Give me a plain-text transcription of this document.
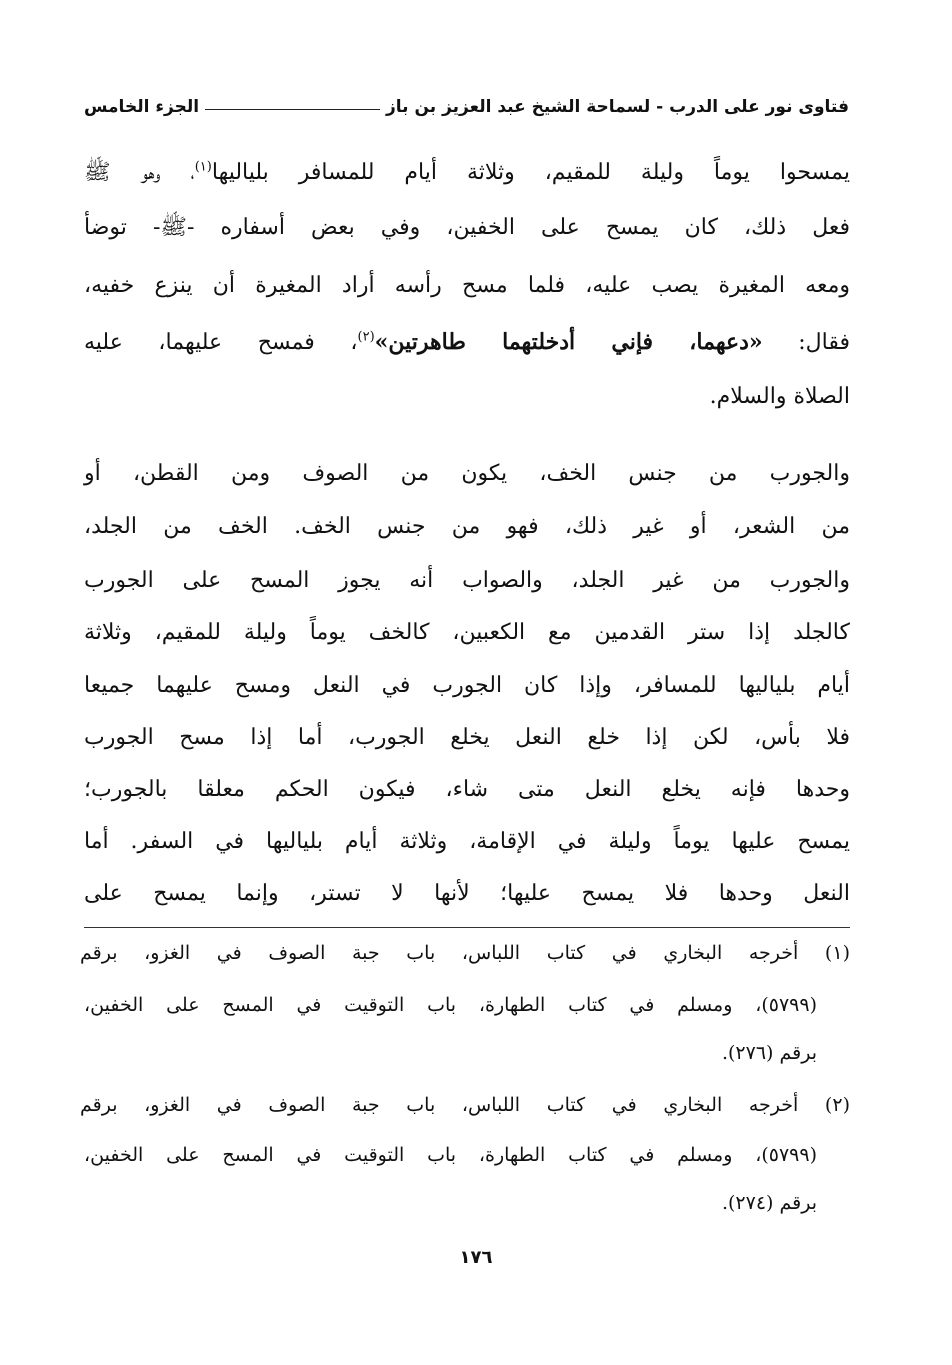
فتاوى نور على الدرب - لسماحة الشيخ عبد العزيز بن باز
الجزء الخامس
يمسحوا يوماً وليلة للمقيم، وثلاثة أيام للمسافر بلياليها$^{(١)}$، وهو ﷺ
فعل ذلك، كان يمسح على الخفين، وفي بعض أسفاره -ﷺ- توضأ
ومعه المغيرة يصب عليه، فلما مسح رأسه أراد المغيرة أن ينزع خفيه،
فقال: «دعهما، فإني أدخلتهما طاهرتين»$^{(٢)}$، فمسح عليهما، عليه
الصلاة والسلام.
والجورب من جنس الخف، يكون من الصوف ومن القطن، أو
من الشعر، أو غير ذلك، فهو من جنس الخف. الخف من الجلد،
والجورب من غير الجلد، والصواب أنه يجوز المسح على الجورب
كالجلد إذا ستر القدمين مع الكعبين، كالخف يوماً وليلة للمقيم، وثلاثة
أيام بلياليها للمسافر، وإذا كان الجورب في النعل ومسح عليهما جميعا
فلا بأس، لكن إذا خلع النعل يخلع الجورب، أما إذا مسح الجورب
وحدها فإنه يخلع النعل متى شاء، فيكون الحكم معلقا بالجورب؛
يمسح عليها يوماً وليلة في الإقامة، وثلاثة أيام بلياليها في السفر. أما
النعل وحدها فلا يمسح عليها؛ لأنها لا تستر، وإنما يمسح على
(١) أخرجه البخاري في كتاب اللباس، باب جبة الصوف في الغزو، برقم
(٥٧٩٩)، ومسلم في كتاب الطهارة، باب التوقيت في المسح على الخفين،
برقم (٢٧٦).
(٢) أخرجه البخاري في كتاب اللباس، باب جبة الصوف في الغزو، برقم
(٥٧٩٩)، ومسلم في كتاب الطهارة، باب التوقيت في المسح على الخفين،
برقم (٢٧٤).
١٧٦
